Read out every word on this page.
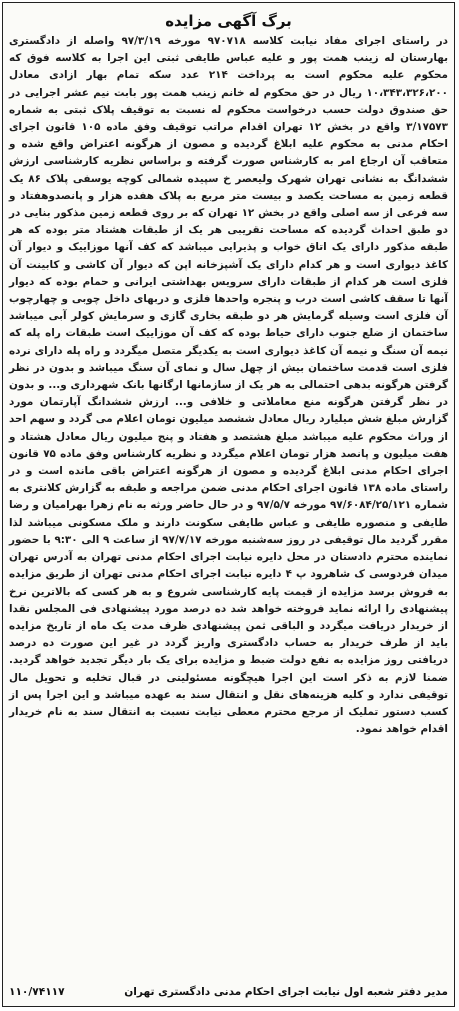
برگ آگهی مزایده

در راستای اجرای مفاد نیابت کلاسه ۹۷۰۷۱۸ مورخه ۹۷/۳/۱۹ واصله از دادگستری بهارستان له زینب همت پور و علیه عباس طایفی ثبتی این اجرا به کلاسه فوق که محکوم علیه محکوم است به پرداخت ۲۱۴ عدد سکه تمام بهار ازادی معادل ۱۰،۳۴۳،۳۲۶،۲۰۰ ریال در حق محکوم له خانم زینب همت پور بابت نیم عشر اجرایی در حق صندوق دولت حسب درخواست محکوم له نسبت به توقیف پلاک ثبتی به شماره ۳/۱۷۵۷۳ واقع در بخش ۱۲ تهران اقدام مراتب توقیف وفق ماده ۱۰۵ قانون اجرای احکام مدنی به محکوم علیه ابلاغ گردیده و مصون از هرگونه اعتراض واقع شده و متعاقب آن ارجاع امر به کارشناس صورت گرفته و براساس نظریه کارشناسی ارزش ششدانگ به نشانی تهران شهرک ولیعصر خ سپیده شمالی کوچه یوسفی پلاک ۸۶ یک قطعه زمین به مساحت یکصد و بیست متر مربع به پلاک هفده هزار و پانصدوهفتاد و سه فرعی از سه اصلی واقع در بخش ۱۲ تهران که بر روی قطعه زمین مذکور بنایی در دو طبق احداث گردیده که مساحت تقریبی هر یک از طبقات هشتاد متر بوده که هر طبقه مذکور دارای یک اتاق خواب و پذیرایی میباشد که کف آنها موزاییک و دیوار آن کاغذ دیواری است و هر کدام دارای یک آشپزخانه اپن که دیوار آن کاشی و کابینت آن فلزی است هر کدام از طبقات دارای سرویس بهداشتی ایرانی و حمام بوده که دیوار آنها تا سقف کاشی است درب و پنجره واحدها فلزی و دربهای داخل چوبی و چهارچوب آن فلزی است وسیله گرمایش هر دو طبقه بخاری گازی و سرمایش کولر آبی میباشد ساختمان از ضلع جنوب دارای حیاط بوده که کف آن موزاییک است طبقات راه پله که نیمه آن سنگ و نیمه آن کاغذ دیواری است به یکدیگر متصل میگردد و راه پله دارای نرده فلزی است قدمت ساختمان بیش از چهل سال و نمای آن سنگ میباشد و بدون در نظر گرفتن هرگونه بدهی احتمالی به هر یک از سازمانها ارگانها بانک شهرداری و... و بدون در نظر گرفتن هرگونه منع معاملاتی و خلافی و... ارزش ششدانگ آپارتمان مورد گزارش مبلغ شش میلیارد ریال معادل ششصد میلیون تومان اعلام می گردد و سهم احد از وراث محکوم علیه میباشد مبلغ هشتصد و هفتاد و پنج میلیون ریال معادل هشتاد و هفت میلیون و پانصد هزار تومان اعلام میگردد و نظریه کارشناس وفق ماده ۷۵ قانون اجرای احکام مدنی ابلاغ گردیده و مصون از هرگونه اعتراض باقی مانده است و در راستای ماده ۱۳۸ قانون اجرای احکام مدنی ضمن مراجعه و طبقه به گزارش کلانتری به شماره ۹۷/۶۰۸۴/۲۵/۱۲۱ مورخه ۹۷/۵/۷ و در حال حاضر ورثه به نام زهرا بهرامیان و رضا طایفی و منصوره طایفی و عباس طایفی سکونت دارند و ملک مسکونی میباشد لذا مقرر گردید مال توقیفی در روز سه‌شنبه مورخه ۹۷/۷/۱۷ از ساعت ۹ الی ۹:۳۰ با حضور نماینده محترم دادستان در محل دایره نیابت اجرای احکام مدنی تهران به آدرس تهران میدان فردوسی ک شاهرود پ ۴ دایره نیابت اجرای احکام مدنی تهران از طریق مزایده به فروش برسد مزایده از قیمت پایه کارشناسی شروع و به هر کسی که بالاترین نرخ پیشنهادی را ارائه نماید فروخته خواهد شد ده درصد مورد پیشنهادی فی المجلس نقدا از خریدار دریافت میگردد و الباقی ثمن پیشنهادی ظرف مدت یک ماه از تاریخ مزایده باید از طرف خریدار به حساب دادگستری واریز گردد در غیر این صورت ده درصد دریافتی روز مزایده به نفع دولت ضبط و مزایده برای یک بار دیگر تجدید خواهد گردید. ضمنا لازم به ذکر است این اجرا هیچگونه مسئولیتی در قبال تخلیه و تحویل مال توقیفی ندارد و کلیه هزینه‌های نقل و انتقال سند به عهده میباشد و این اجرا پس از کسب دستور تملیک از مرجع محترم معطی نیابت نسبت به انتقال سند به نام خریدار اقدام خواهد نمود.

مدیر دفتر شعبه اول نیابت اجرای احکام مدنی دادگستری تهران
۱۱۰/۷۴۱۱۷
